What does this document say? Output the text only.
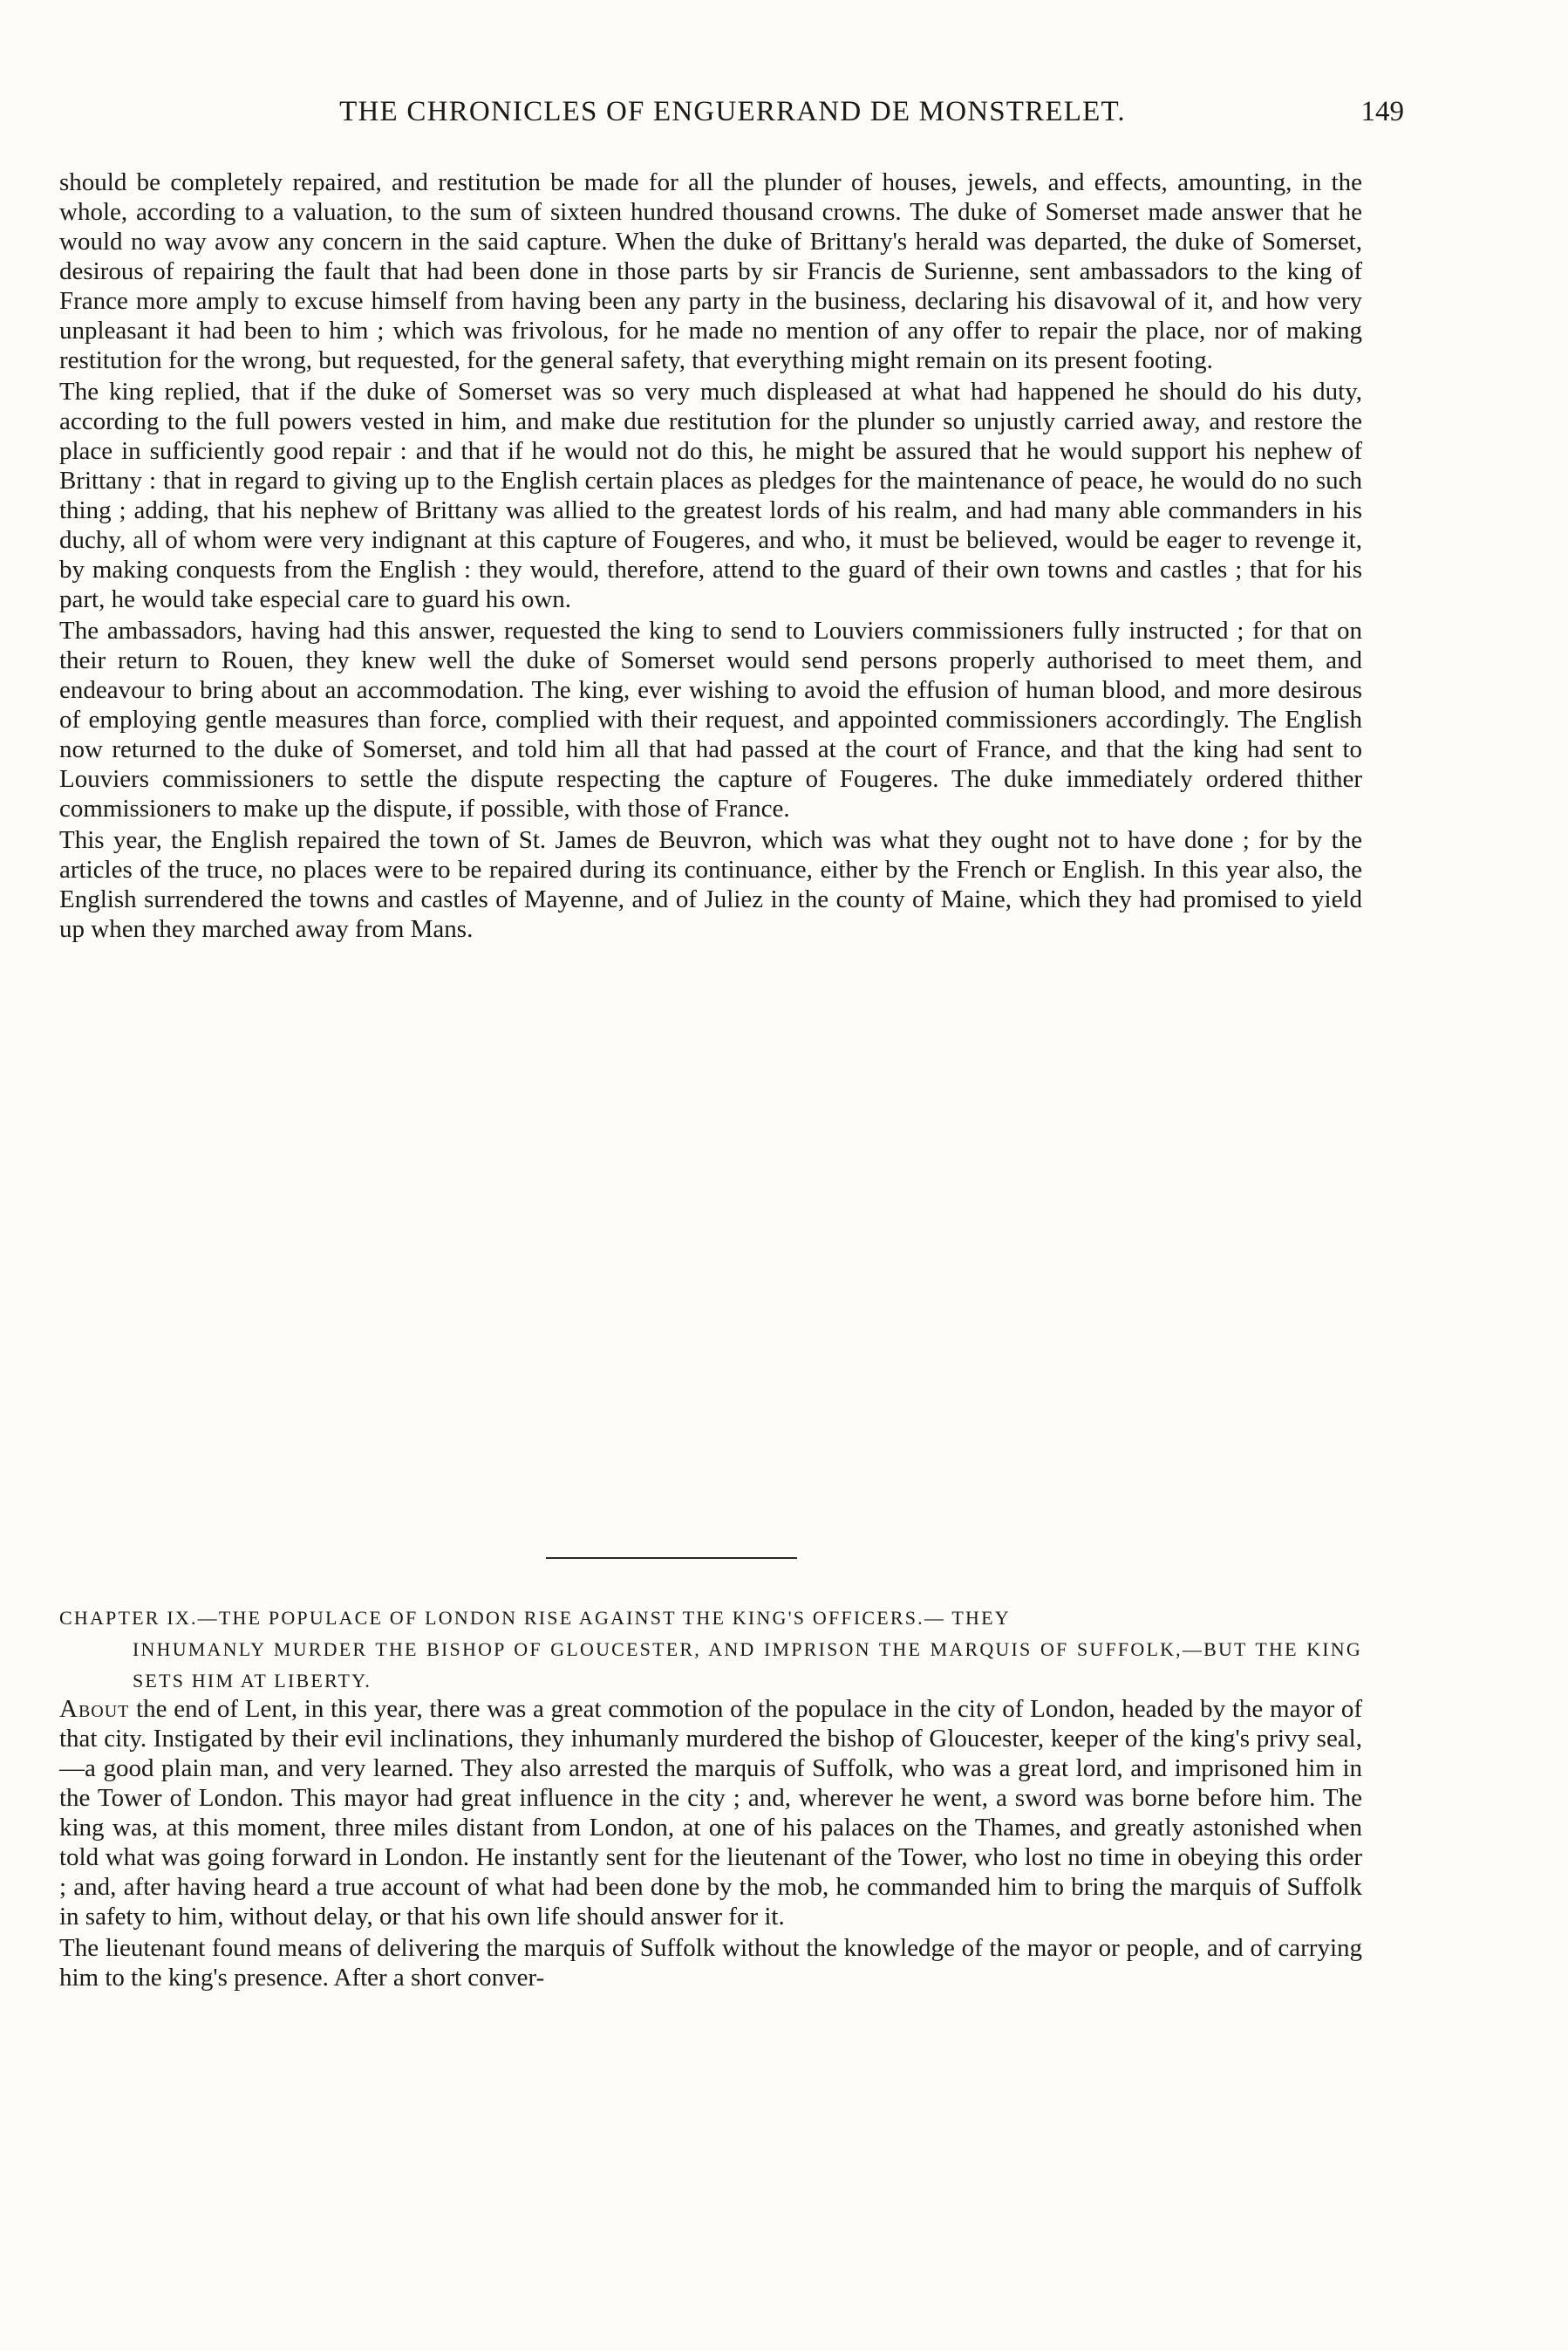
THE CHRONICLES OF ENGUERRAND DE MONSTRELET.	149

should be completely repaired, and restitution be made for all the plunder of houses, jewels, and effects, amounting, in the whole, according to a valuation, to the sum of sixteen hundred thousand crowns. The duke of Somerset made answer that he would no way avow any concern in the said capture. When the duke of Brittany's herald was departed, the duke of Somerset, desirous of repairing the fault that had been done in those parts by sir Francis de Surienne, sent ambassadors to the king of France more amply to excuse himself from having been any party in the business, declaring his disavowal of it, and how very unpleasant it had been to him ; which was frivolous, for he made no mention of any offer to repair the place, nor of making restitution for the wrong, but requested, for the general safety, that everything might remain on its present footing.

The king replied, that if the duke of Somerset was so very much displeased at what had happened he should do his duty, according to the full powers vested in him, and make due restitution for the plunder so unjustly carried away, and restore the place in sufficiently good repair : and that if he would not do this, he might be assured that he would support his nephew of Brittany : that in regard to giving up to the English certain places as pledges for the maintenance of peace, he would do no such thing ; adding, that his nephew of Brittany was allied to the greatest lords of his realm, and had many able commanders in his duchy, all of whom were very indignant at this capture of Fougeres, and who, it must be believed, would be eager to revenge it, by making conquests from the English : they would, therefore, attend to the guard of their own towns and castles ; that for his part, he would take especial care to guard his own.

The ambassadors, having had this answer, requested the king to send to Louviers commissioners fully instructed ; for that on their return to Rouen, they knew well the duke of Somerset would send persons properly authorised to meet them, and endeavour to bring about an accommodation. The king, ever wishing to avoid the effusion of human blood, and more desirous of employing gentle measures than force, complied with their request, and appointed commissioners accordingly. The English now returned to the duke of Somerset, and told him all that had passed at the court of France, and that the king had sent to Louviers commissioners to settle the dispute respecting the capture of Fougeres. The duke immediately ordered thither commissioners to make up the dispute, if possible, with those of France.

This year, the English repaired the town of St. James de Beuvron, which was what they ought not to have done ; for by the articles of the truce, no places were to be repaired during its continuance, either by the French or English. In this year also, the English surrendered the towns and castles of Mayenne, and of Juliez in the county of Maine, which they had promised to yield up when they marched away from Mans.

CHAPTER IX.—THE POPULACE OF LONDON RISE AGAINST THE KING'S OFFICERS.— THEY
INHUMANLY MURDER THE BISHOP OF GLOUCESTER, AND IMPRISON THE MARQUIS OF SUFFOLK,—BUT THE KING SETS HIM AT LIBERTY.

About the end of Lent, in this year, there was a great commotion of the populace in the city of London, headed by the mayor of that city. Instigated by their evil inclinations, they inhumanly murdered the bishop of Gloucester, keeper of the king's privy seal,—a good plain man, and very learned. They also arrested the marquis of Suffolk, who was a great lord, and imprisoned him in the Tower of London. This mayor had great influence in the city ; and, wherever he went, a sword was borne before him. The king was, at this moment, three miles distant from London, at one of his palaces on the Thames, and greatly astonished when told what was going forward in London. He instantly sent for the lieutenant of the Tower, who lost no time in obeying this order ; and, after having heard a true account of what had been done by the mob, he commanded him to bring the marquis of Suffolk in safety to him, without delay, or that his own life should answer for it.

The lieutenant found means of delivering the marquis of Suffolk without the knowledge of the mayor or people, and of carrying him to the king's presence. After a short conver-
